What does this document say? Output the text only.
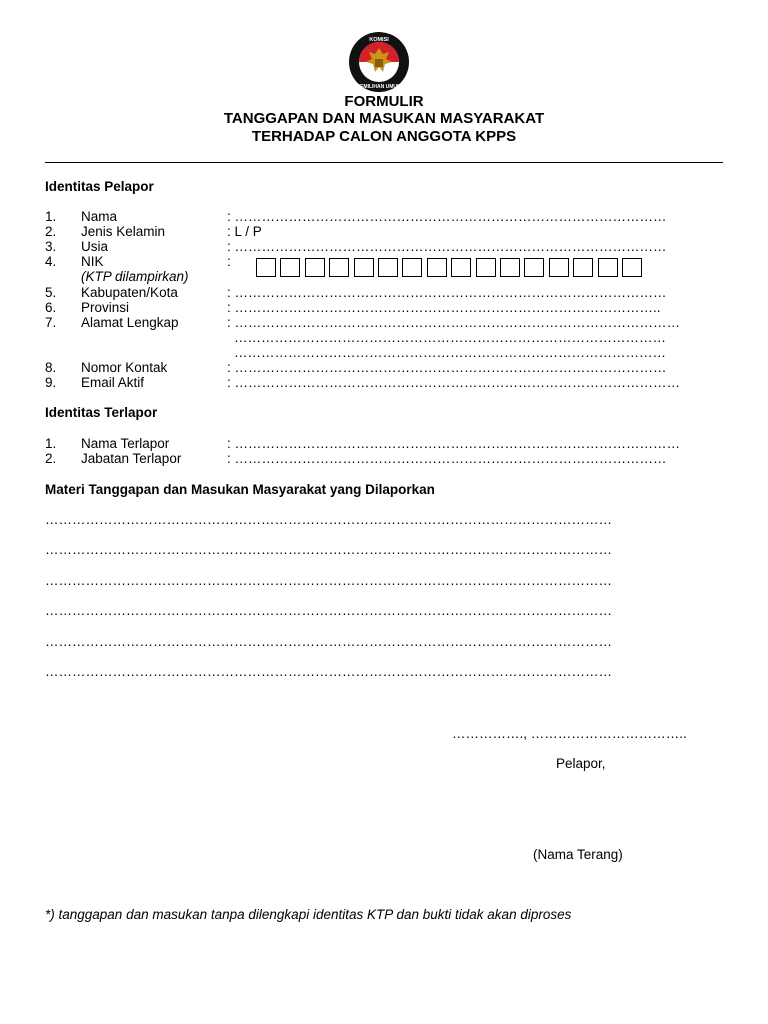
KOMISI
PEMILIHAN UMUM
FORMULIR
TANGGAPAN DAN MASUKAN MASYARAKAT
TERHADAP CALON ANGGOTA KPPS
Identitas Pelapor
1. Nama	: ……………………………………………………………………………………
2. Jenis Kelamin	: L / P
3. Usia	: ……………………………………………………………………………………
4. NIK
(KTP dilampirkan)
:
5. Kabupaten/Kota	: ……………………………………………………………………………………
6. Provinsi	: …………………………………………………………………………………..
7. Alamat Lengkap	: ………………………………………………………………………………………
……………………………………………………………………………………
……………………………………………………………………………………
8. Nomor Kontak	: ……………………………………………………………………………………
9. Email Aktif	: ………………………………………………………………………………………
Identitas Terlapor
1. Nama Terlapor	: ………………………………………………………………………………………
2. Jabatan Terlapor	: ……………………………………………………………………………………
Materi Tanggapan dan Masukan Masyarakat yang Dilaporkan
………………………………………………………………………………………………………………
………………………………………………………………………………………………………………
………………………………………………………………………………………………………………
………………………………………………………………………………………………………………
………………………………………………………………………………………………………………
………………………………………………………………………………………………………………
……………., ……………………………..
Pelapor,
(Nama Terang)
*) tanggapan dan masukan tanpa dilengkapi identitas KTP dan bukti tidak akan diproses
